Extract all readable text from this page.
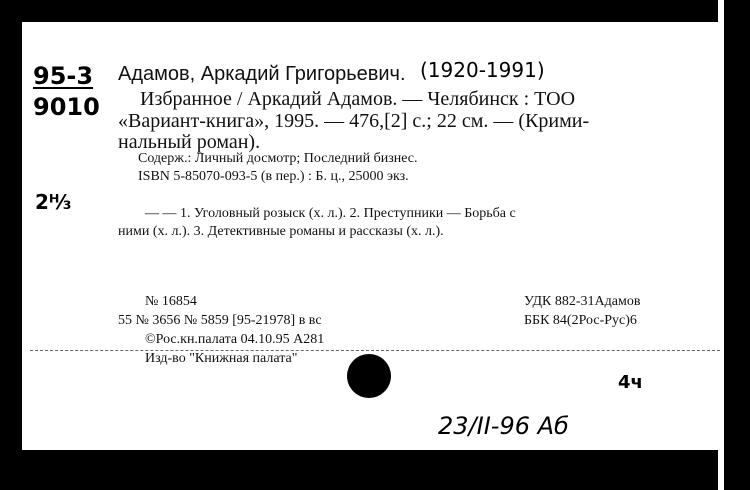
95-3
9010
2ᴴ⁄₃
(1920-1991)
4ч
23/II-96 Aб
Адамов, Аркадий Григорьевич.
Избранное / Аркадий Адамов. — Челябинск : ТОО
«Вариант-книга», 1995. — 476,[2] с.; 22 см. — (Крими-
нальный роман).
Содерж.: Личный досмотр; Последний бизнес.
ISBN 5-85070-093-5 (в пер.) : Б. ц., 25000 экз.
— — 1. Уголовный розыск (х. л.). 2. Преступники — Борьба с
ними (х. л.). 3. Детективные романы и рассказы (х. л.).
№ 16854
55 № 3656 № 5859 [95-21978] в вс
©Рос.кн.палата 04.10.95 А281
Изд-во "Книжная палата"
УДК 882-31Адамов
ББК 84(2Рос-Рус)6
